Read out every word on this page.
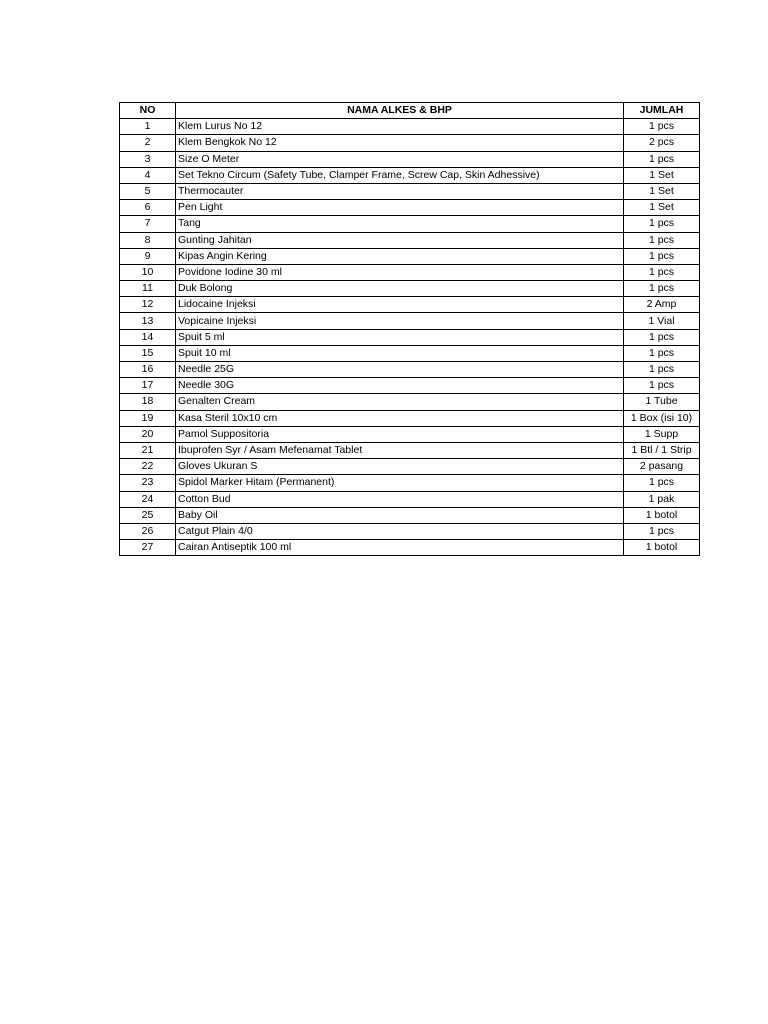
NO	NAMA ALKES & BHP	JUMLAH
1	Klem Lurus No 12	1 pcs
2	Klem Bengkok No 12	2 pcs
3	Size O Meter	1 pcs
4	Set Tekno Circum (Safety Tube, Clamper Frame, Screw Cap, Skin Adhessive)	1 Set
5	Thermocauter	1 Set
6	Pen Light	1 Set
7	Tang	1 pcs
8	Gunting Jahitan	1 pcs
9	Kipas Angin Kering	1 pcs
10	Povidone Iodine 30 ml	1 pcs
11	Duk Bolong	1 pcs
12	Lidocaine Injeksi	2 Amp
13	Vopicaine Injeksi	1 Vial
14	Spuit 5 ml	1 pcs
15	Spuit 10 ml	1 pcs
16	Needle 25G	1 pcs
17	Needle 30G	1 pcs
18	Genalten Cream	1 Tube
19	Kasa Steril 10x10 cm	1 Box (isi 10)
20	Pamol Suppositoria	1 Supp
21	Ibuprofen Syr / Asam Mefenamat Tablet	1 Btl / 1 Strip
22	Gloves Ukuran S	2 pasang
23	Spidol Marker Hitam (Permanent)	1 pcs
24	Cotton Bud	1 pak
25	Baby Oil	1 botol
26	Catgut Plain 4/0	1 pcs
27	Cairan Antiseptik 100 ml	1 botol
